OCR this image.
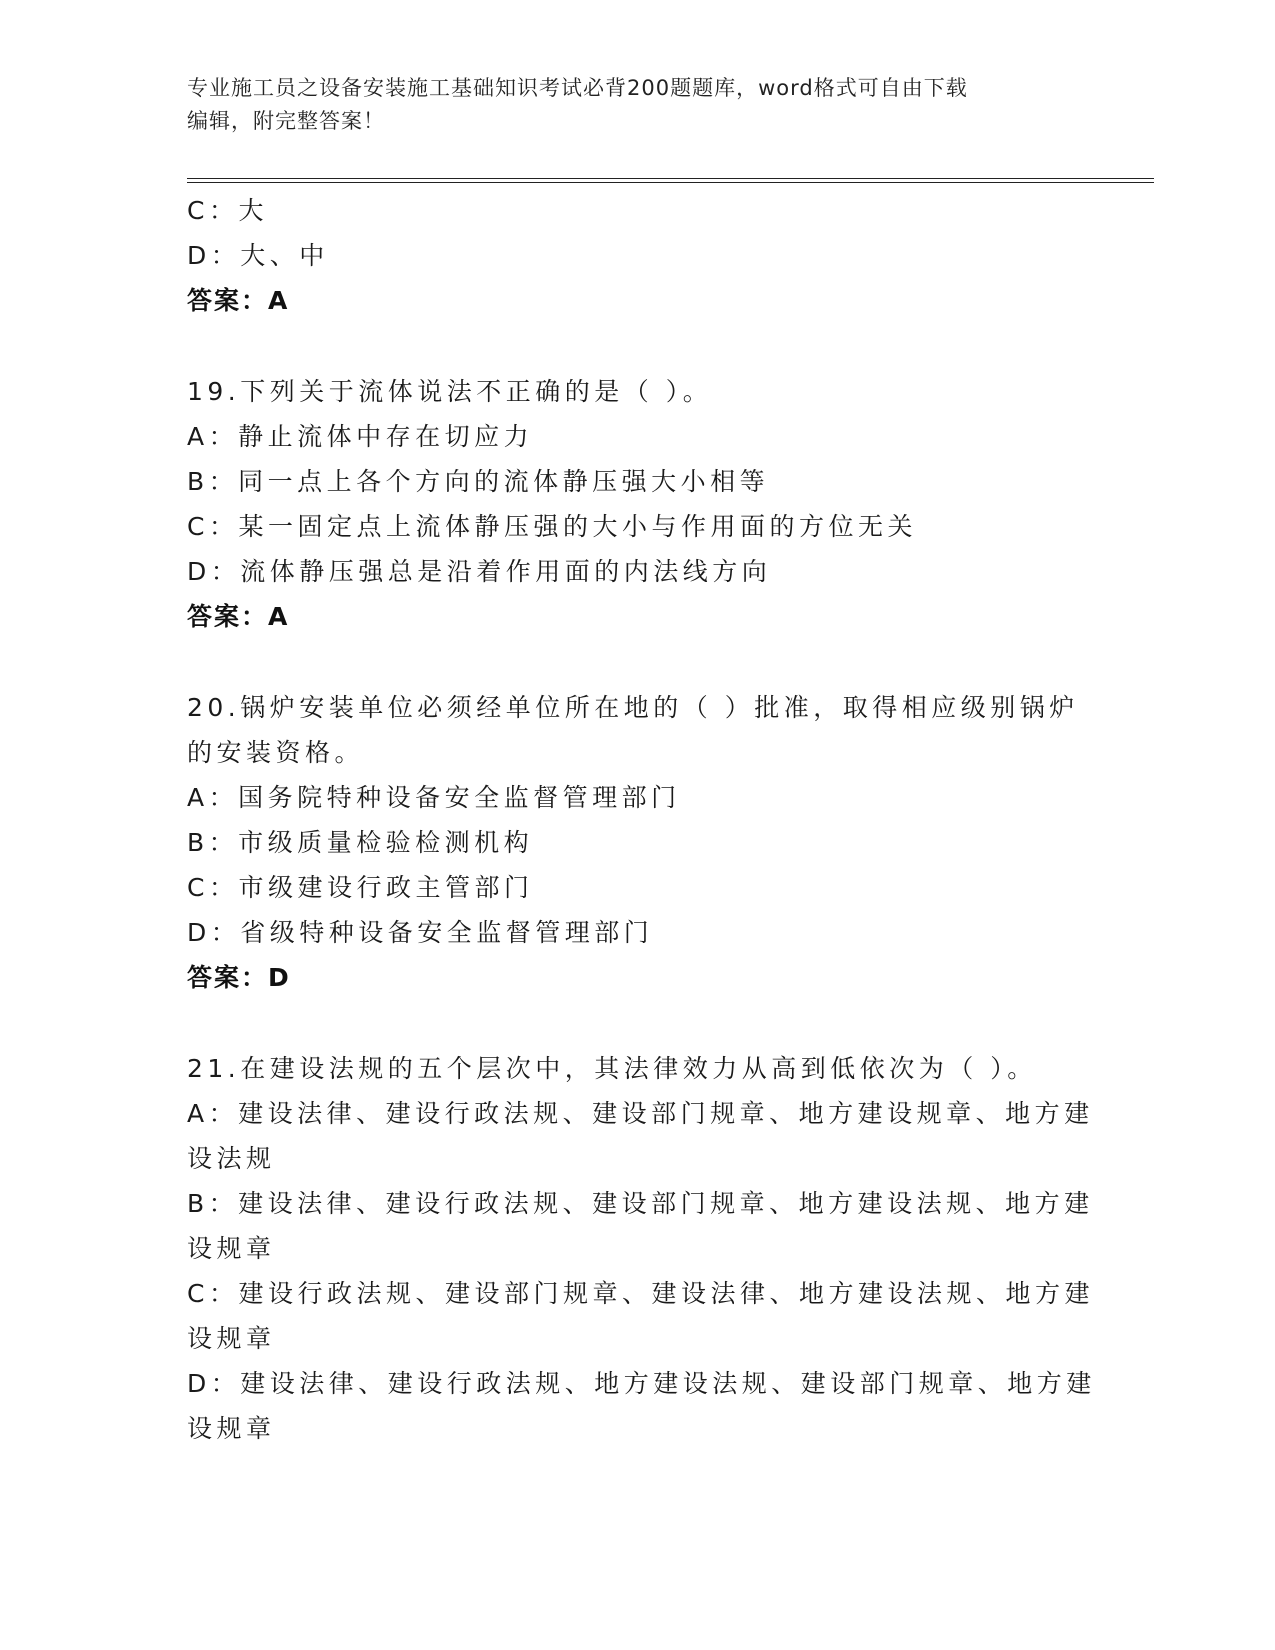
专业施工员之设备安装施工基础知识考试必背200题题库，word格式可自由下载
编辑，附完整答案！
C：大
D：大、中
答案：A
19.下列关于流体说法不正确的是（ ）。
A：静止流体中存在切应力
B：同一点上各个方向的流体静压强大小相等
C：某一固定点上流体静压强的大小与作用面的方位无关
D：流体静压强总是沿着作用面的内法线方向
答案：A
20.锅炉安装单位必须经单位所在地的（ ）批准，取得相应级别锅炉
的安装资格。
A：国务院特种设备安全监督管理部门
B：市级质量检验检测机构
C：市级建设行政主管部门
D：省级特种设备安全监督管理部门
答案：D
21.在建设法规的五个层次中，其法律效力从高到低依次为（ ）。
A：建设法律、建设行政法规、建设部门规章、地方建设规章、地方建
设法规
B：建设法律、建设行政法规、建设部门规章、地方建设法规、地方建
设规章
C：建设行政法规、建设部门规章、建设法律、地方建设法规、地方建
设规章
D：建设法律、建设行政法规、地方建设法规、建设部门规章、地方建
设规章
